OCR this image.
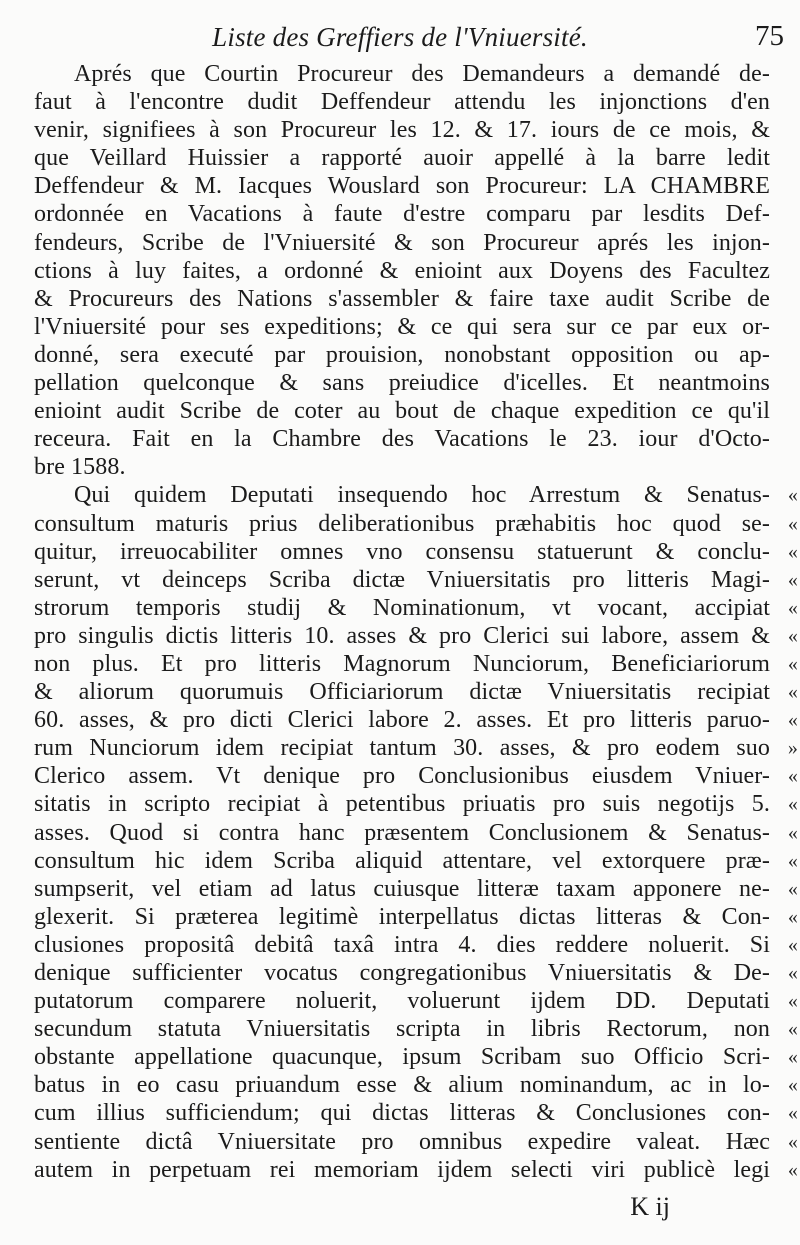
Liste des Greffiers de l'Vniuersité.	75
Aprés que Courtin Procureur des Demandeurs a demandé de-
faut à l'encontre dudit Deffendeur attendu les injonctions d'en
venir, signifiees à son Procureur les 12. & 17. iours de ce mois, &
que Veillard Huissier a rapporté auoir appellé à la barre ledit
Deffendeur & M. Iacques Wouslard son Procureur: LA CHAMBRE
ordonnée en Vacations à faute d'estre comparu par lesdits Def-
fendeurs, Scribe de l'Vniuersité & son Procureur aprés les injon-
ctions à luy faites, a ordonné & enioint aux Doyens des Facultez
& Procureurs des Nations s'assembler & faire taxe audit Scribe de
l'Vniuersité pour ses expeditions; & ce qui sera sur ce par eux or-
donné, sera executé par prouision, nonobstant opposition ou ap-
pellation quelconque & sans preiudice d'icelles. Et neantmoins
enioint audit Scribe de coter au bout de chaque expedition ce qu'il
receura. Fait en la Chambre des Vacations le 23. iour d'Octo-
bre 1588.
Qui quidem Deputati insequendo hoc Arrestum & Senatus- «
consultum maturis prius deliberationibus præhabitis hoc quod se- «
quitur, irreuocabiliter omnes vno consensu statuerunt & conclu- «
serunt, vt deinceps Scriba dictæ Vniuersitatis pro litteris Magi- «
strorum temporis studij & Nominationum, vt vocant, accipiat «
pro singulis dictis litteris 10. asses & pro Clerici sui labore, assem & «
non plus. Et pro litteris Magnorum Nunciorum, Beneficiariorum «
& aliorum quorumuis Officiariorum dictæ Vniuersitatis recipiat «
60. asses, & pro dicti Clerici labore 2. asses. Et pro litteris paruo- «
rum Nunciorum idem recipiat tantum 30. asses, & pro eodem suo »
Clerico assem. Vt denique pro Conclusionibus eiusdem Vniuer- «
sitatis in scripto recipiat à petentibus priuatis pro suis negotijs 5. «
asses. Quod si contra hanc præsentem Conclusionem & Senatus- «
consultum hic idem Scriba aliquid attentare, vel extorquere præ- «
sumpserit, vel etiam ad latus cuiusque litteræ taxam apponere ne- «
glexerit. Si præterea legitimè interpellatus dictas litteras & Con- «
clusiones propositâ debitâ taxâ intra 4. dies reddere noluerit. Si «
denique sufficienter vocatus congregationibus Vniuersitatis & De- «
putatorum comparere noluerit, voluerunt ijdem DD. Deputati «
secundum statuta Vniuersitatis scripta in libris Rectorum, non «
obstante appellatione quacunque, ipsum Scribam suo Officio Scri- «
batus in eo casu priuandum esse & alium nominandum, ac in lo- «
cum illius sufficiendum; qui dictas litteras & Conclusiones con- «
sentiente dictâ Vniuersitate pro omnibus expedire valeat. Hæc «
autem in perpetuam rei memoriam ijdem selecti viri publicè legi «
K ij
